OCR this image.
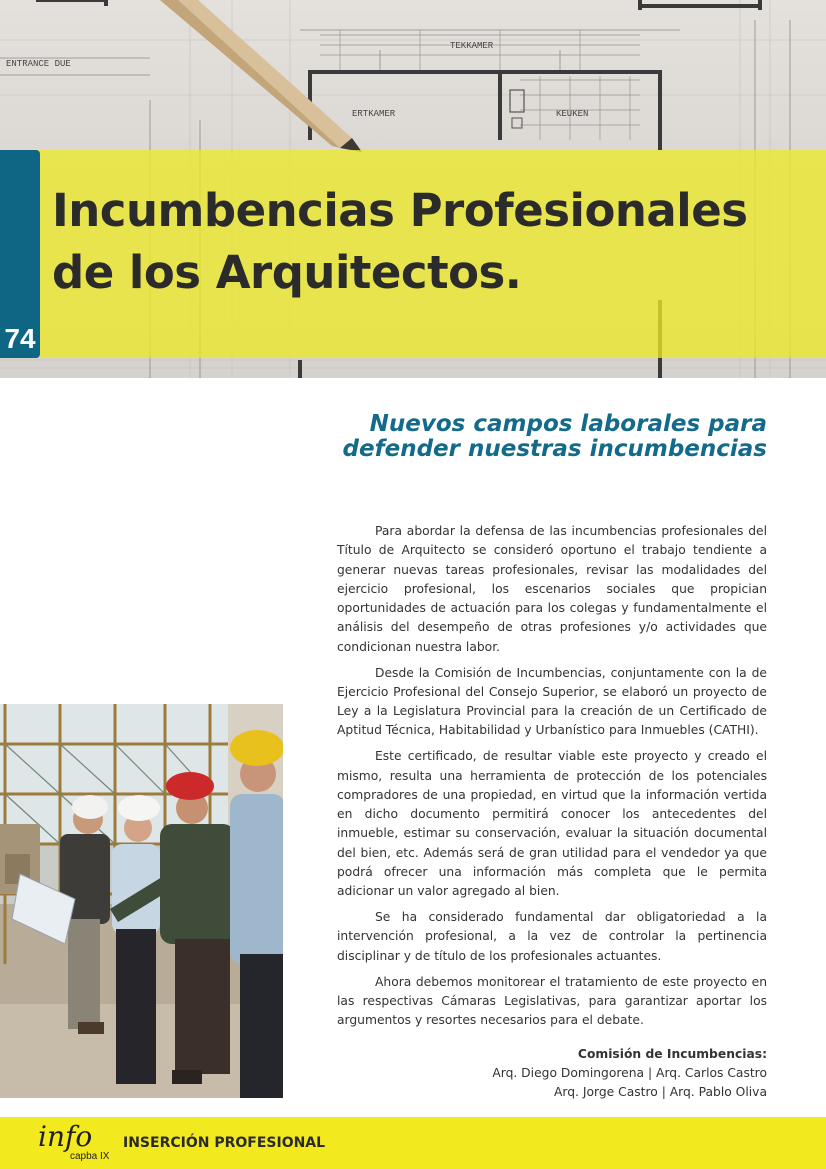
ENTRANCE DUE
ERTKAMER	KEUKEN
TEKKAMER
74
Incumbencias Profesionales
de los Arquitectos.
Nuevos campos laborales para
defender nuestras incumbencias

Para abordar la defensa de las incumbencias profesionales del Título de Arquitecto se consideró oportuno el trabajo tendiente a generar nuevas tareas profesionales, revisar las modalidades del ejercicio profesional, los escenarios sociales que propician oportunidades de actuación para los colegas y fundamentalmente el análisis del desempeño de otras profesiones y/o actividades que condicionan nuestra labor.

Desde la Comisión de Incumbencias, conjuntamente con la de Ejercicio Profesional del Consejo Superior, se elaboró un proyecto de Ley a la Legislatura Provincial para la creación de un Certificado de Aptitud Técnica, Habitabilidad y Urbanístico para Inmuebles (CATHI).

Este certificado, de resultar viable este proyecto y creado el mismo, resulta una herramienta de protección de los potenciales compradores de una propiedad, en virtud que la información vertida en dicho documento permitirá conocer los antecedentes del inmueble, estimar su conservación, evaluar la situación documental del bien, etc. Además será de gran utilidad para el vendedor ya que podrá ofrecer una información más completa que le permita adicionar un valor agregado al bien.

Se ha considerado fundamental dar obligatoriedad a la intervención profesional, a la vez de controlar la pertinencia disciplinar y de título de los profesionales actuantes.

Ahora debemos monitorear el tratamiento de este proyecto en las respectivas Cámaras Legislativas, para garantizar aportar los argumentos y resortes necesarios para el debate.

Comisión de Incumbencias:
Arq. Diego Domingorena | Arq. Carlos Castro
Arq. Jorge Castro | Arq. Pablo Oliva
info
capba IX
INSERCIÓN PROFESIONAL
